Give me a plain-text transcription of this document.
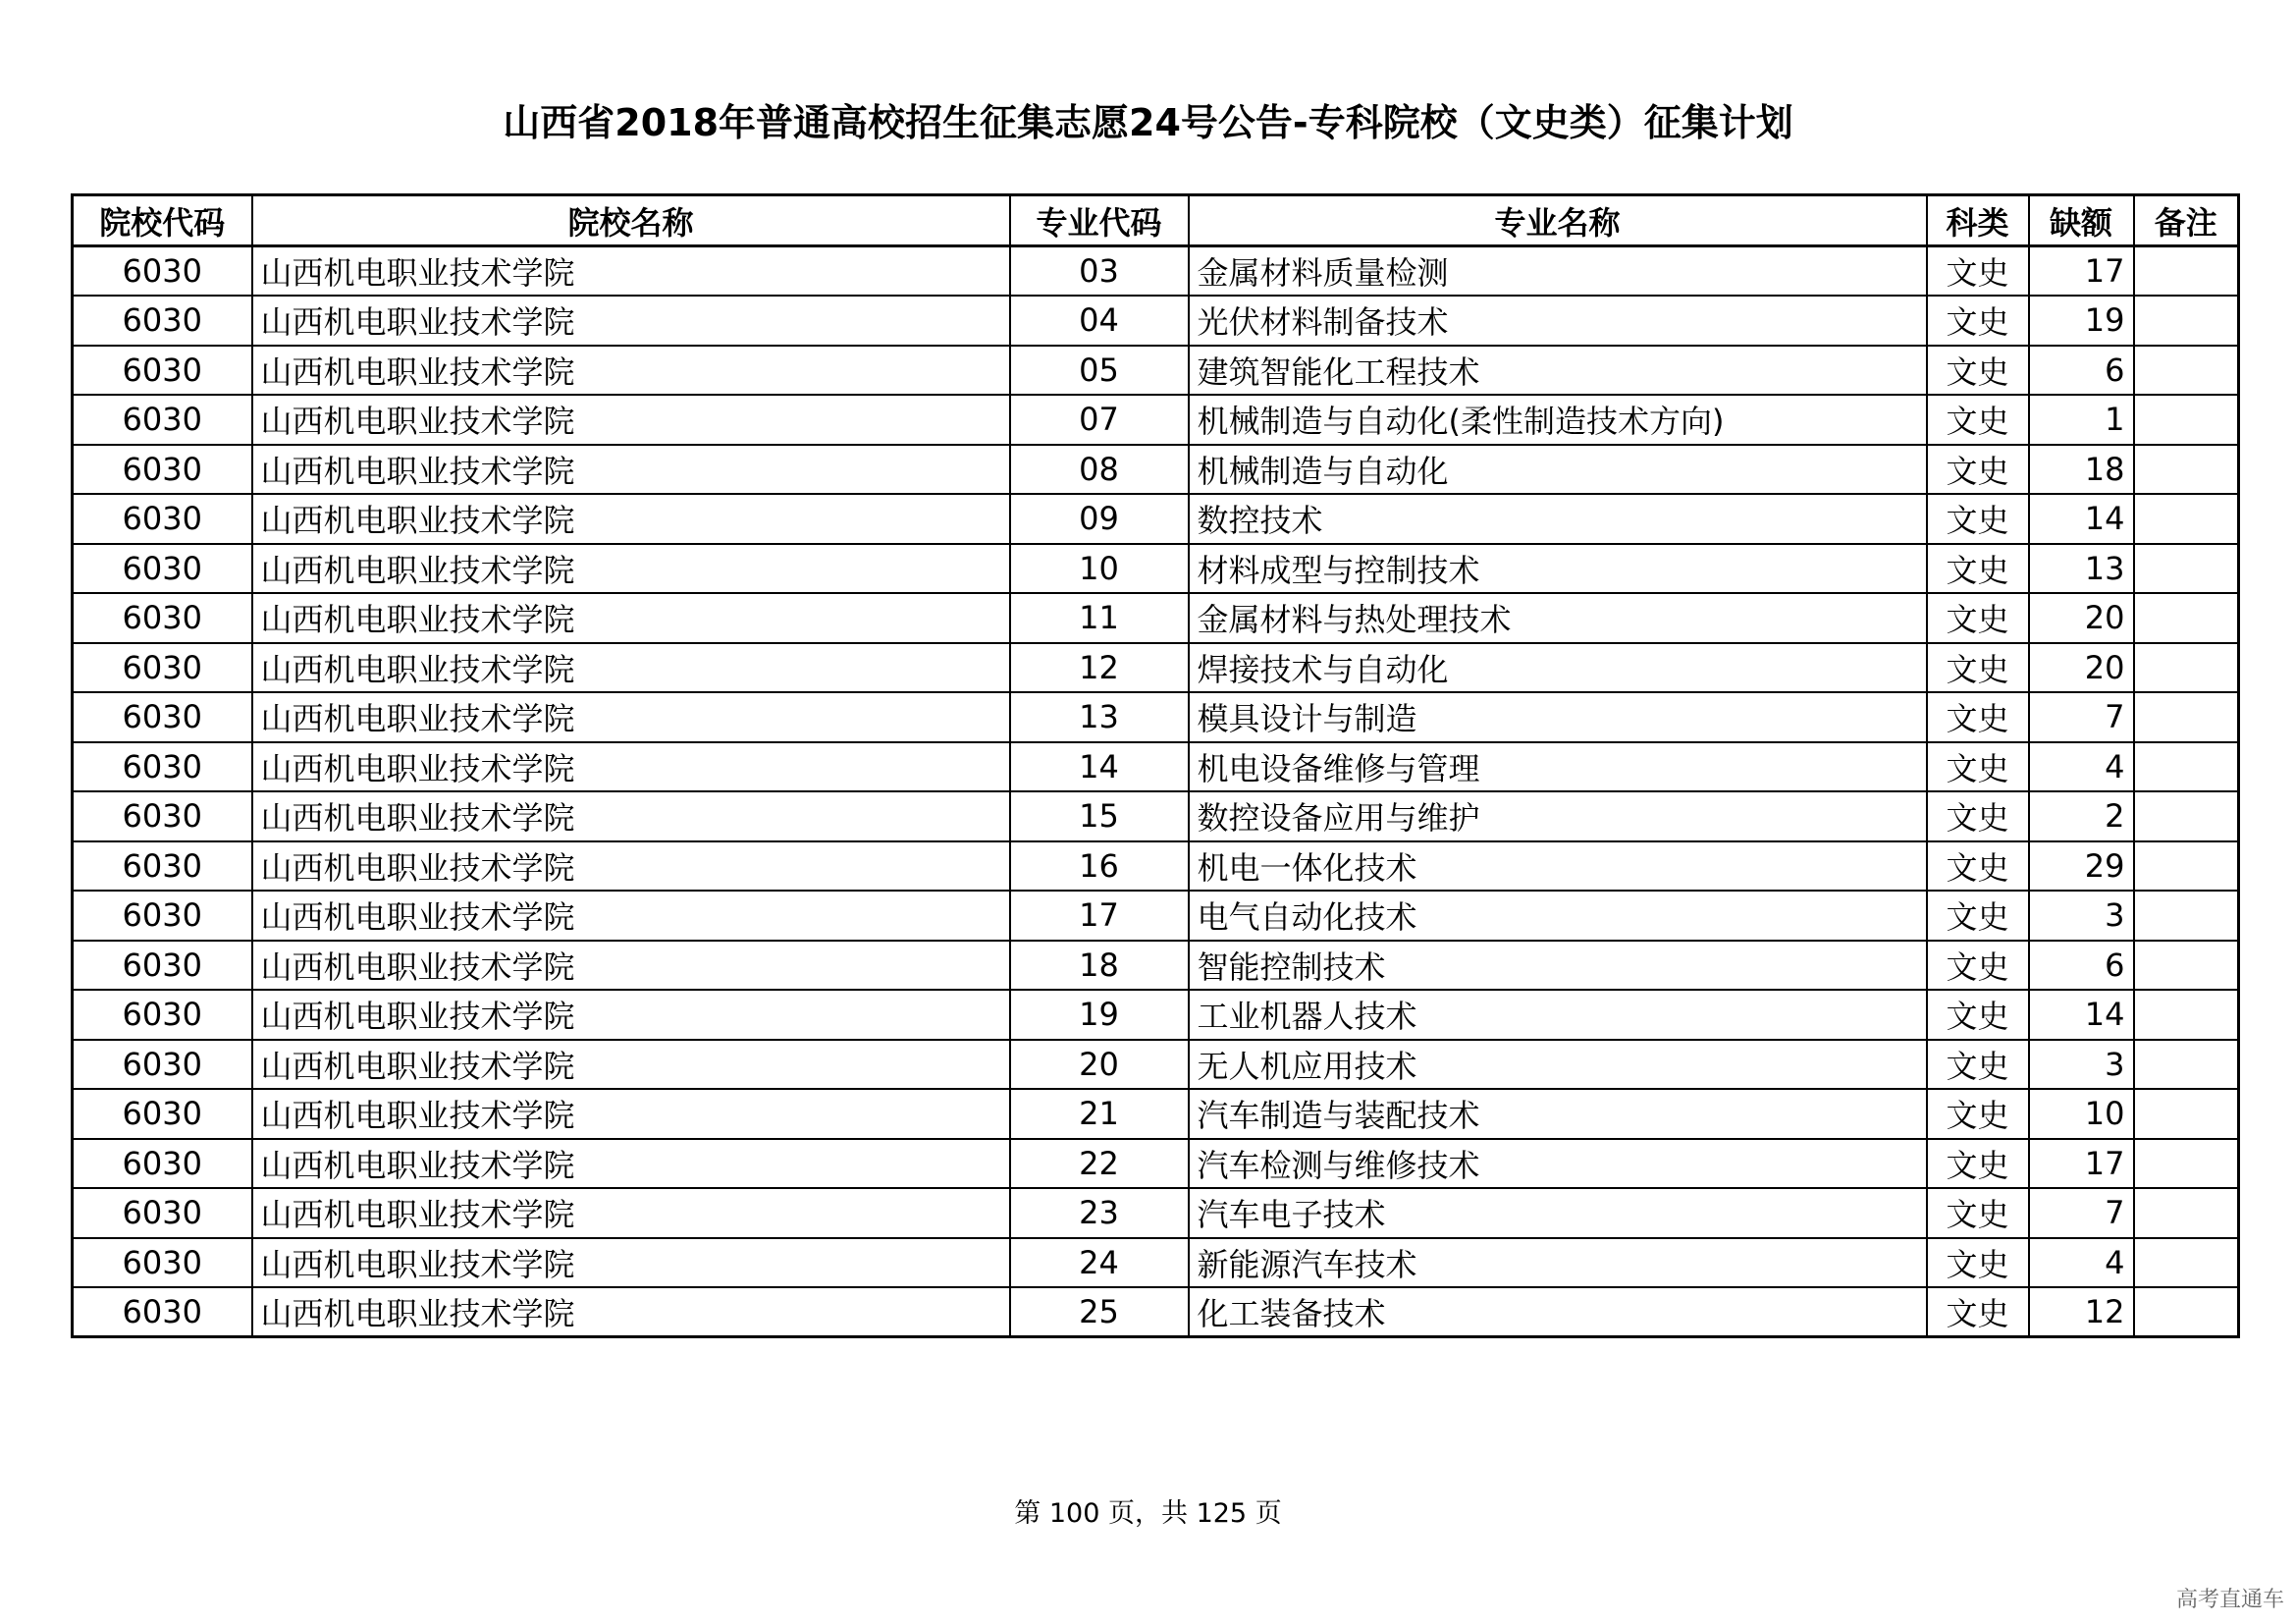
山西省2018年普通高校招生征集志愿24号公告-专科院校（文史类）征集计划
院校代码	院校名称	专业代码	专业名称	科类	缺额	备注
6030	山西机电职业技术学院	03	金属材料质量检测	文史	17	
6030	山西机电职业技术学院	04	光伏材料制备技术	文史	19	
6030	山西机电职业技术学院	05	建筑智能化工程技术	文史	6	
6030	山西机电职业技术学院	07	机械制造与自动化(柔性制造技术方向)	文史	1	
6030	山西机电职业技术学院	08	机械制造与自动化	文史	18	
6030	山西机电职业技术学院	09	数控技术	文史	14	
6030	山西机电职业技术学院	10	材料成型与控制技术	文史	13	
6030	山西机电职业技术学院	11	金属材料与热处理技术	文史	20	
6030	山西机电职业技术学院	12	焊接技术与自动化	文史	20	
6030	山西机电职业技术学院	13	模具设计与制造	文史	7	
6030	山西机电职业技术学院	14	机电设备维修与管理	文史	4	
6030	山西机电职业技术学院	15	数控设备应用与维护	文史	2	
6030	山西机电职业技术学院	16	机电一体化技术	文史	29	
6030	山西机电职业技术学院	17	电气自动化技术	文史	3	
6030	山西机电职业技术学院	18	智能控制技术	文史	6	
6030	山西机电职业技术学院	19	工业机器人技术	文史	14	
6030	山西机电职业技术学院	20	无人机应用技术	文史	3	
6030	山西机电职业技术学院	21	汽车制造与装配技术	文史	10	
6030	山西机电职业技术学院	22	汽车检测与维修技术	文史	17	
6030	山西机电职业技术学院	23	汽车电子技术	文史	7	
6030	山西机电职业技术学院	24	新能源汽车技术	文史	4	
6030	山西机电职业技术学院	25	化工装备技术	文史	12	
第 100 页，共 125 页
高考直通车
